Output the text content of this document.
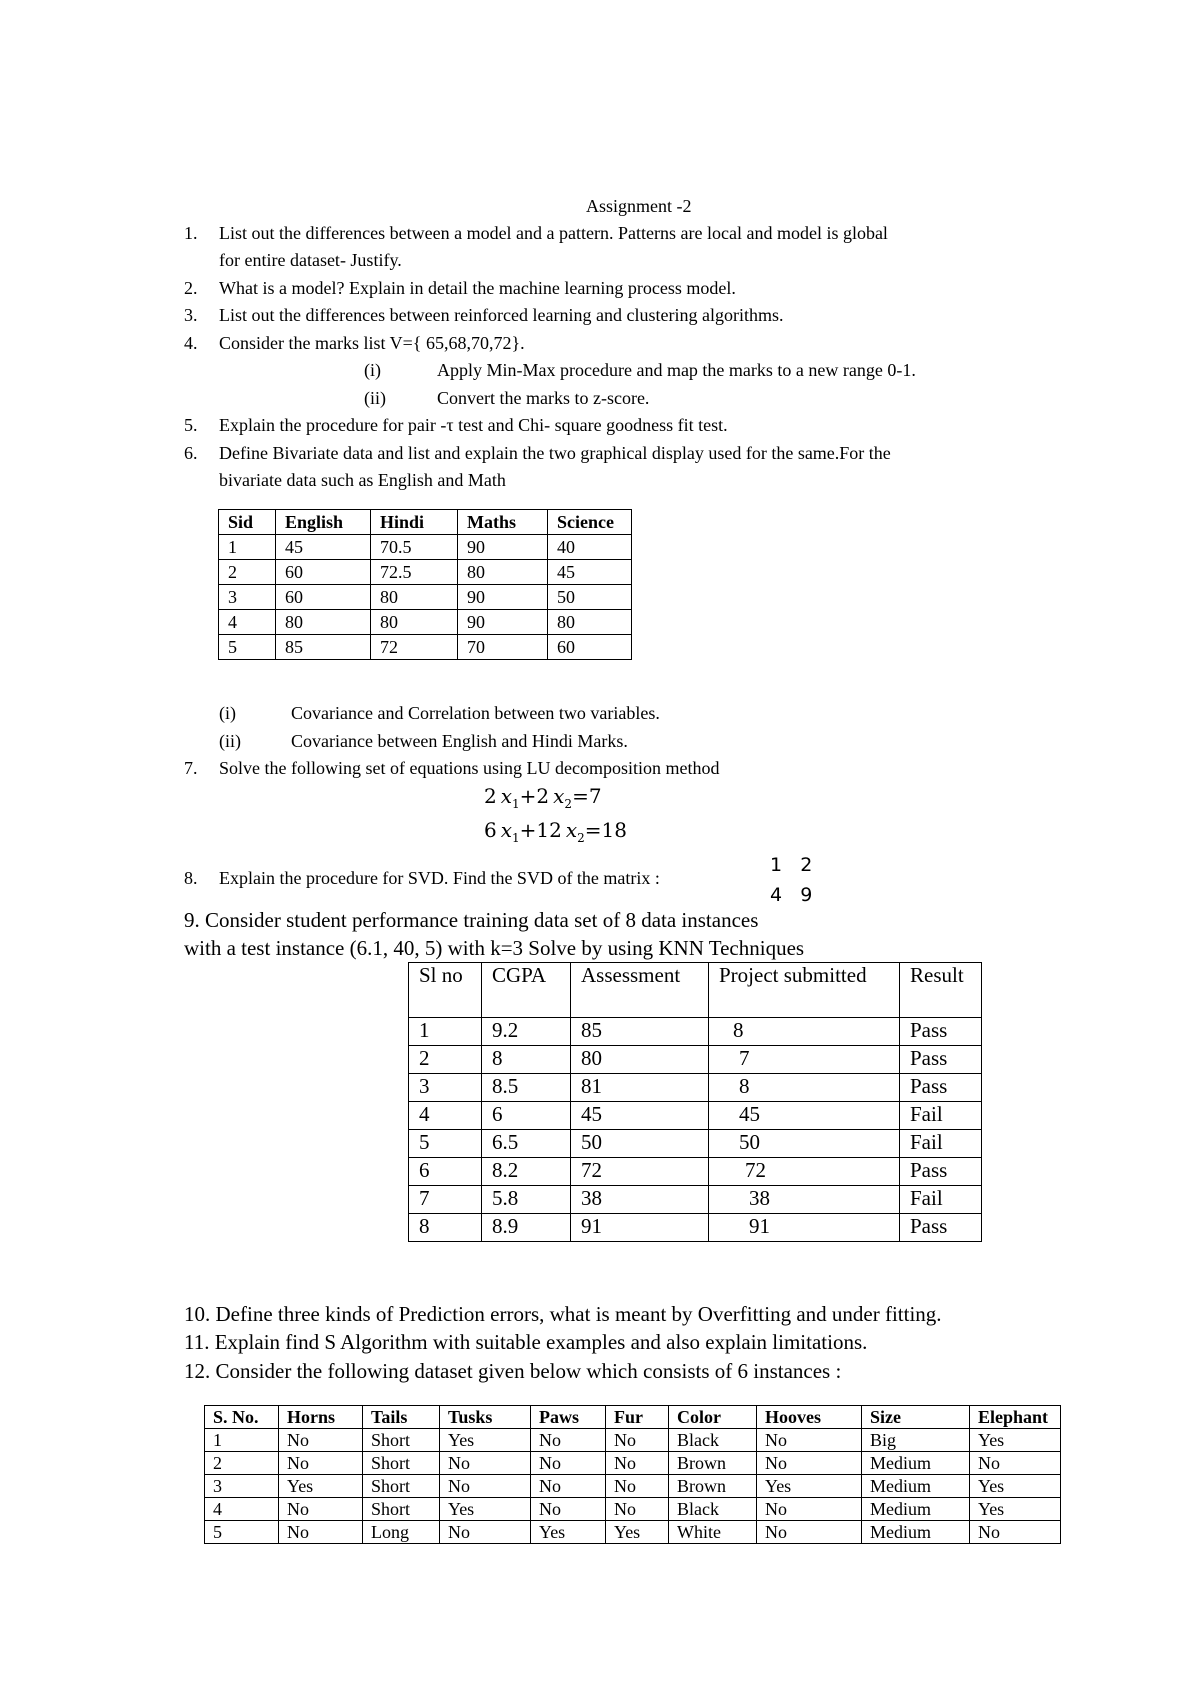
Assignment -2
1. List out the differences between a model and a pattern. Patterns are local and model is global
for entire dataset- Justify.
2. What is a model? Explain in detail the machine learning process model.
3. List out the differences between reinforced learning and clustering algorithms.
4. Consider the marks list V={ 65,68,70,72}.
(i)	Apply Min-Max procedure and map the marks to a new range 0-1.
(ii)	Convert the marks to z-score.
5. Explain the procedure for pair -τ test and Chi- square goodness fit test.
6. Define Bivariate data and list and explain the two graphical display used for the same.For the
bivariate data such as English and Math
Sid	English	Hindi	Maths	Science
1	45	70.5	90	40
2	60	72.5	80	45
3	60	80	90	50
4	80	80	90	80
5	85	72	70	60
(i)	Covariance and Correlation between two variables.
(ii)	Covariance between English and Hindi Marks.
7. Solve the following set of equations using LU decomposition method
2  $x_1+2$  $x_2=7$
6  $x_1+12$  $x_2=18$
8. Explain the procedure for SVD. Find the SVD of the matrix :
1 2
4 9
9. Consider student performance training data set of 8 data instances
with a test instance (6.1, 40, 5) with k=3 Solve by using KNN Techniques
Sl no	CGPA	Assessment	Project submitted	Result
1	9.2	85	8	Pass
2	8	80	7	Pass
3	8.5	81	8	Pass
4	6	45	45	Fail
5	6.5	50	50	Fail
6	8.2	72	72	Pass
7	5.8	38	38	Fail
8	8.9	91	91	Pass
10. Define three kinds of Prediction errors, what is meant by Overfitting and under fitting.
11. Explain find S Algorithm with suitable examples and also explain limitations.
12. Consider the following dataset given below which consists of 6 instances :
S. No.	Horns	Tails	Tusks	Paws	Fur	Color	Hooves	Size	Elephant
1	No	Short	Yes	No	No	Black	No	Big	Yes
2	No	Short	No	No	No	Brown	No	Medium	No
3	Yes	Short	No	No	No	Brown	Yes	Medium	Yes
4	No	Short	Yes	No	No	Black	No	Medium	Yes
5	No	Long	No	Yes	Yes	White	No	Medium	No
